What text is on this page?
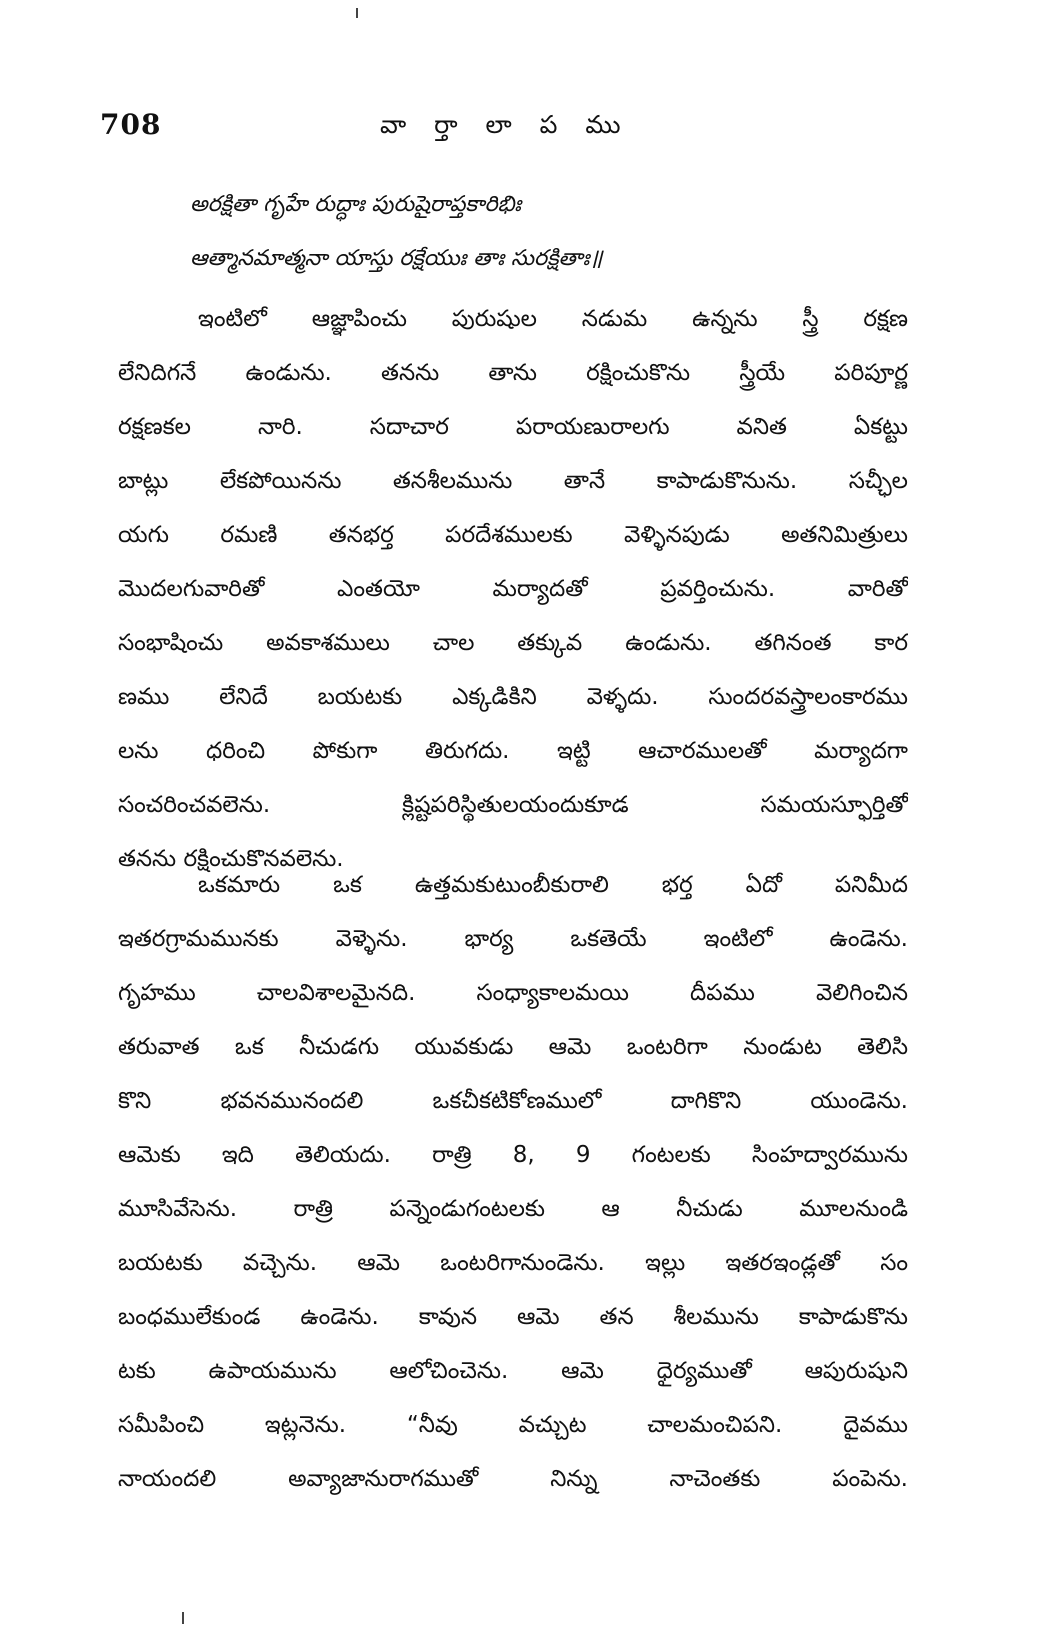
708	వా ర్తా లా ప ము
అరక్షితా గృహే రుద్ధాః పురుషైరాప్తకారిభిః
ఆత్మానమాత్మనా యాస్తు రక్షేయుః తాః సురక్షితాః॥
ఇంటిలో ఆజ్ఞాపించు పురుషుల నడుమ ఉన్నను స్త్రీ రక్షణ
లేనిదిగనే ఉండును. తనను తాను రక్షించుకొను స్త్రీయే పరిపూర్ణ
రక్షణకల నారి. సదాచార పరాయణురాలగు వనిత ఏకట్టు
బాట్లు లేకపోయినను తనశీలమును తానే కాపాడుకొనును. సచ్ఛీల
యగు రమణి తనభర్త పరదేశములకు వెళ్ళినపుడు అతనిమిత్రులు
మొదలగువారితో ఎంతయో మర్యాదతో ప్రవర్తించును. వారితో
సంభాషించు అవకాశములు చాల తక్కువ ఉండును. తగినంత కార
ణము లేనిదే బయటకు ఎక్కడికిని వెళ్ళదు. సుందరవస్త్రాలంకారము
లను ధరించి పోకుగా తిరుగదు. ఇట్టి ఆచారములతో మర్యాదగా
సంచరించవలెను. క్లిష్టపరిస్థితులయందుకూడ సమయస్ఫూర్తితో
తనను రక్షించుకొనవలెను.
ఒకమారు ఒక ఉత్తమకుటుంబీకురాలి భర్త ఏదో పనిమీద
ఇతరగ్రామమునకు వెళ్ళెను. భార్య ఒకతెయే ఇంటిలో ఉండెను.
గృహము చాలవిశాలమైనది. సంధ్యాకాలమయి దీపము వెలిగించిన
తరువాత ఒక నీచుడగు యువకుడు ఆమె ఒంటరిగా నుండుట తెలిసి
కొని భవనమునందలి ఒకచీకటికోణములో దాగికొని యుండెను.
ఆమెకు ఇది తెలియదు. రాత్రి 8, 9 గంటలకు సింహద్వారమును
మూసివేసెను. రాత్రి పన్నెండుగంటలకు ఆ నీచుడు మూలనుండి
బయటకు వచ్చెను. ఆమె ఒంటరిగానుండెను. ఇల్లు ఇతరఇండ్లతో సం
బంధములేకుండ ఉండెను. కావున ఆమె తన శీలమును కాపాడుకొను
టకు ఉపాయమును ఆలోచించెను. ఆమె ధైర్యముతో ఆపురుషుని
సమీపించి ఇట్లనెను. “నీవు వచ్చుట చాలమంచిపని. దైవము
నాయందలి అవ్యాజానురాగముతో నిన్ను నాచెంతకు పంపెను.
